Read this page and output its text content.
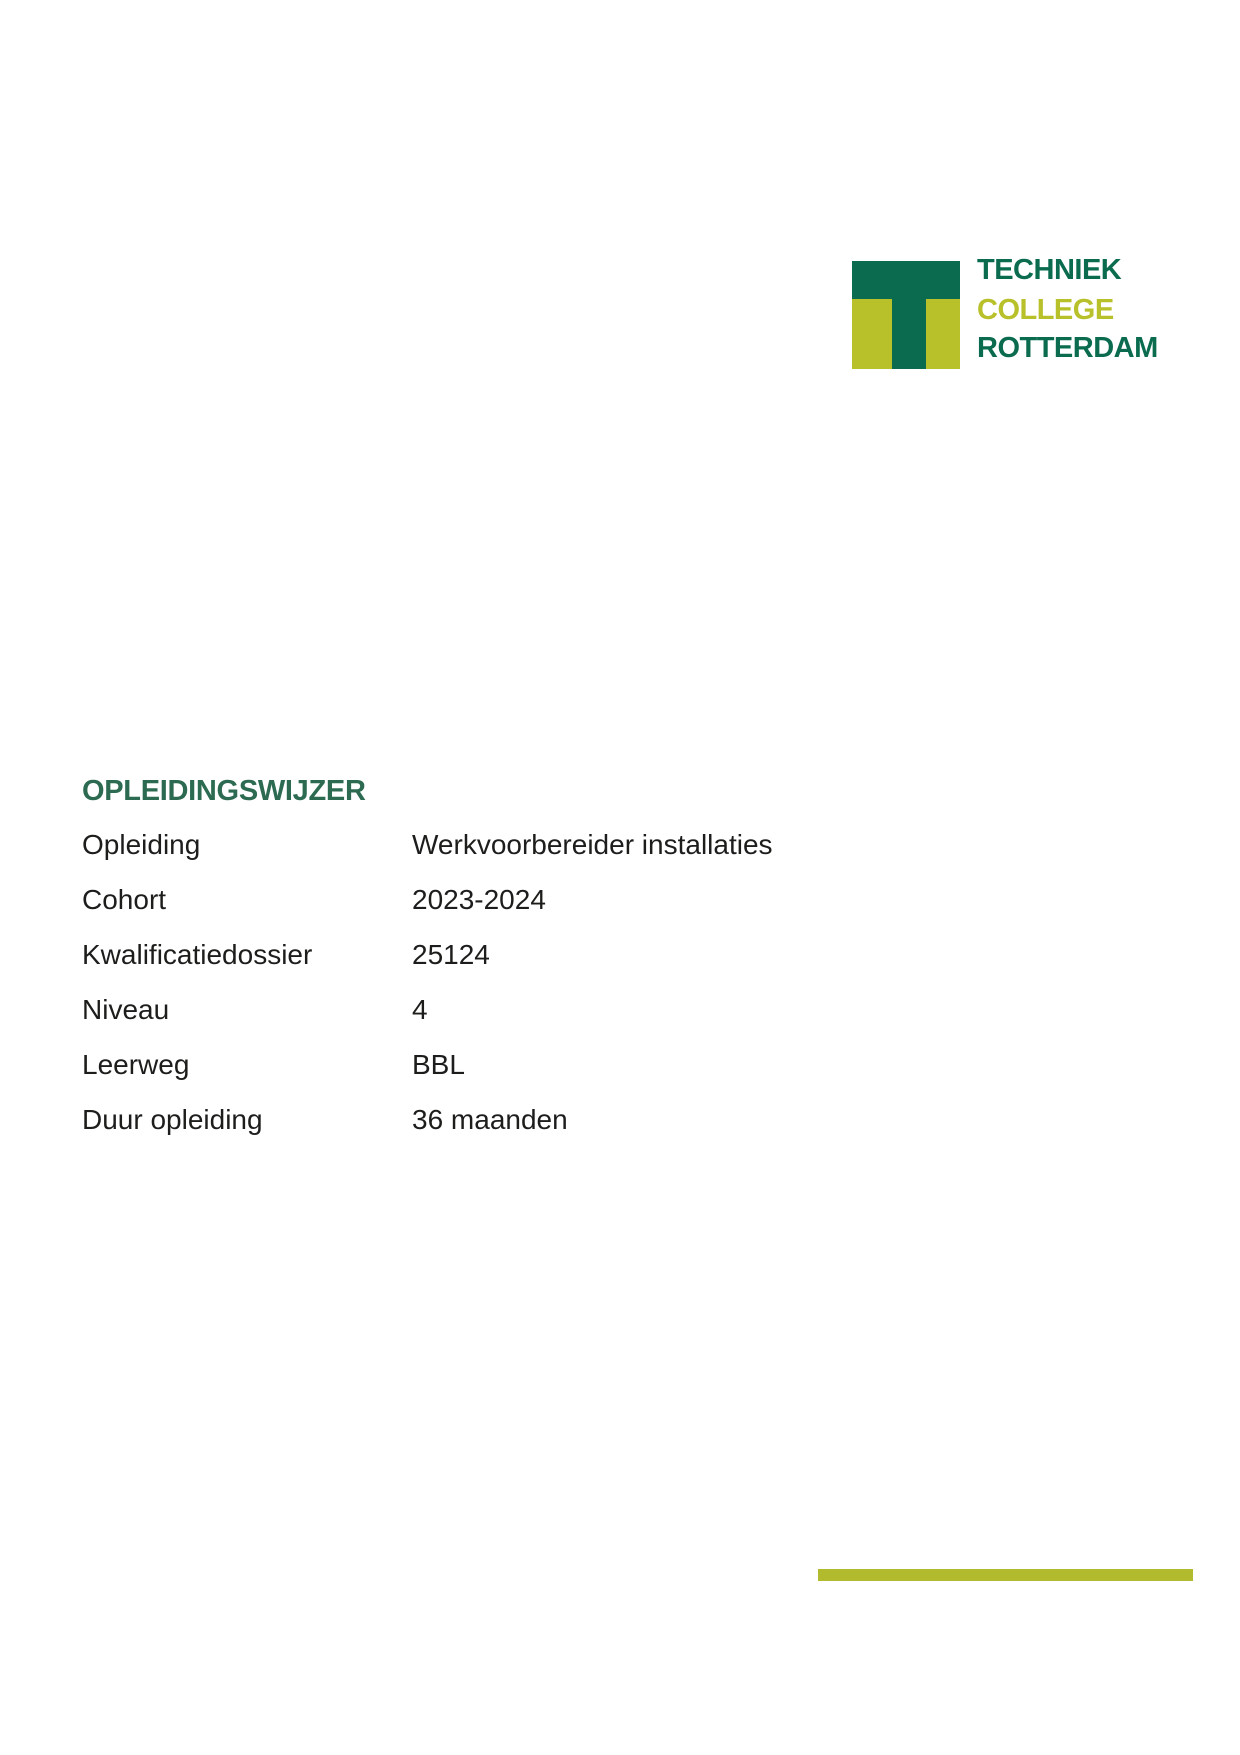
TECHNIEK
COLLEGE
ROTTERDAM
OPLEIDINGSWIJZER
Opleiding	Werkvoorbereider installaties
Cohort	2023-2024
Kwalificatiedossier	25124
Niveau	4
Leerweg	BBL
Duur opleiding	36 maanden
